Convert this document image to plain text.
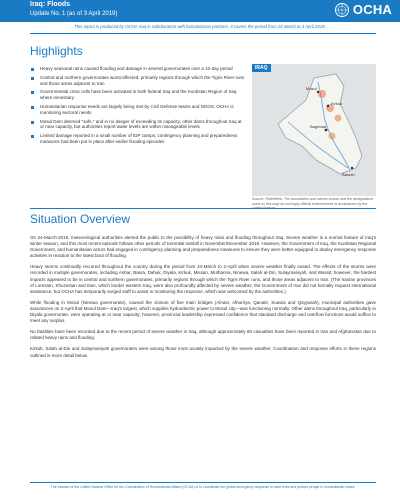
Iraq: Floods
Update No. 1 (as of 3 April 2019)	OCHA
This report is produced by OCHA Iraq in collaboration with humanitarian partners. It covers the period from 24 March to 3 April 2019.
Highlights
Heavy seasonal rains caused flooding and damage in several governorates over a 10-day period
Central and northern governorates worst-affected; primarily regions through which the Tigris River runs and those areas adjacent to Iran
Governmental crisis cells have been activated in both federal Iraq and the Kurdistan Region of Iraq where necessary
Humanitarian response needs are largely being met by Civil Defense teams and NGOS; OCHA is monitoring sectoral needs
Mosul Dam deemed "safe," and in no danger of exceeding its capacity; other dams throughout Iraq at or near capacity, but authorities report water levels are within manageable levels
Limited damage reported in a small number of IDP camps; contingency planning and preparedness measures had been put in place after earlier flooding episodes
Mosul
Kirkuk
Baghdad
Basrah
IRAQ
Source: ReliefWeb. The boundaries and names shown and the designations used on this map do not imply official endorsement or acceptance by the
Situation Overview

On 24-March-2019, meteorological authorities alerted the public to the possibility of heavy rains and flooding throughout Iraq. Severe weather is a normal feature of Iraq's winter season, and this most recent episode follows other periods of torrential rainfall in November/December 2018. However, the Government of Iraq, the Kurdistan Regional Government, and humanitarian actors had engaged in contingency planning and preparedness measures to ensure they were better equipped to deploy emergency response activities in reaction to the latest bout of flooding.

Heavy storms continually recurred throughout the country during the period from 24-March to 2-April when severe weather finally eased. The effects of the storms were recorded in multiple governorates, including Anbar, Basra, Dahuk, Diyala, Kirkuk, Missan, Muthanna, Ninewa, Salah al-Din, Sulaymaniyah, and Wassit; however, the hardest impacts appeared to be in central and northern governorates, primarily regions through which the Tigris River runs, and those areas adjacent to Iran. (The Iranian provinces of Lorestan, Khuzestan and Ilam, which border western Iraq, were also profoundly affected by severe weather; the Government of Iran did not formally request international assistance, but OCHA has temporarily surged staff to assist in monitoring the response, which was welcomed by the authorities.)

While flooding in Mosul (Ninewa governorate), caused the closure of five main bridges (Alnasr, Alhurriya, Qanatir, Suwais and Qayyarah), municipal authorities gave assurances on 2-April that Mosul Dam—Iraq's largest, which supplies hydroelectric power to Mosul city—was functioning normally. Other dams throughout Iraq, particularly in Diyala governorate, were operating at or near capacity; however, provincial leadership expressed confidence that standard discharge and overflow functions would suffice to meet any surplus.

No fatalities have been recorded due to the recent period of severe weather in Iraq, although approximately 80 casualties have been reported in Iran and Afghanistan due to related heavy rains and flooding.

Kirkuk, Salah al-Din and Sulaymaniyah governorates were among those most acutely impacted by the severe weather. Coordination and response efforts in these regions outlined in more detail below.

The mission of the United Nations Office for the Coordination of Humanitarian Affairs (OCHA) is to coordinate the global emergency response to save lives and protect people in humanitarian crises.
